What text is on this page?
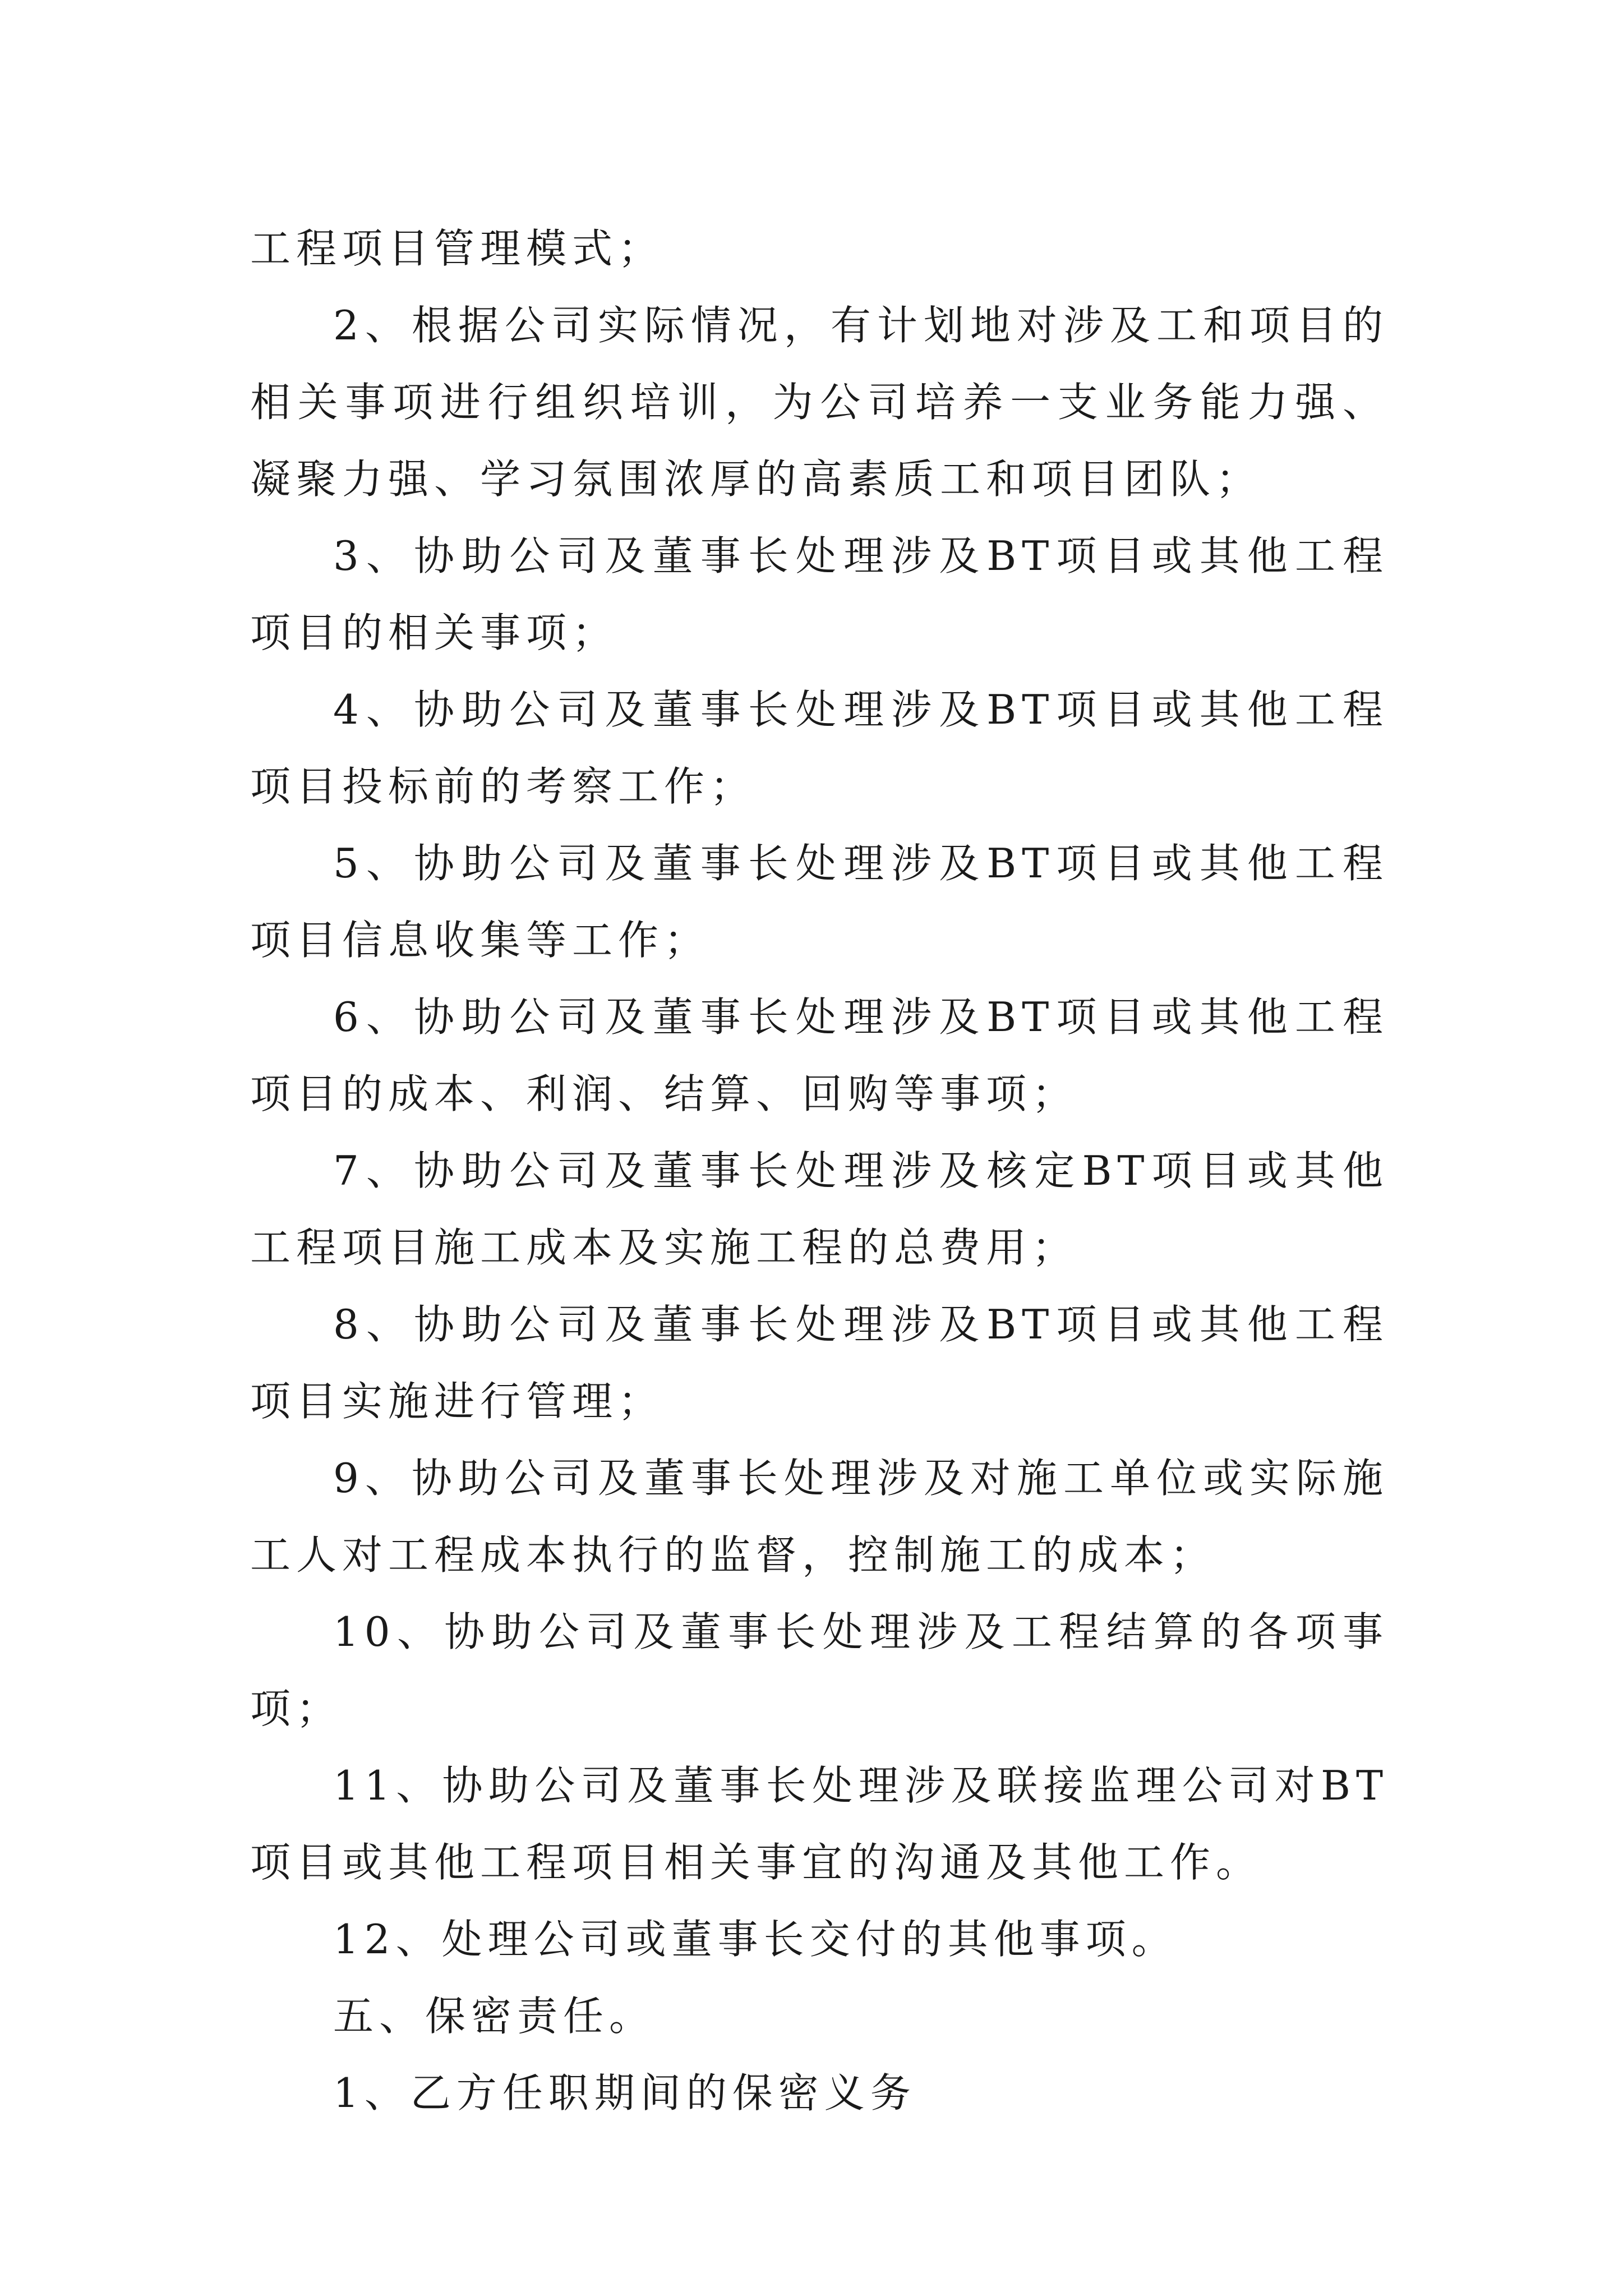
工程项目管理模式；

2、根据公司实际情况，有计划地对涉及工和项目的相关事项进行组织培训，为公司培养一支业务能力强、凝聚力强、学习氛围浓厚的高素质工和项目团队；

3、协助公司及董事长处理涉及BT项目或其他工程项目的相关事项；

4、协助公司及董事长处理涉及BT项目或其他工程项目投标前的考察工作；

5、协助公司及董事长处理涉及BT项目或其他工程项目信息收集等工作；

6、协助公司及董事长处理涉及BT项目或其他工程项目的成本、利润、结算、回购等事项；

7、协助公司及董事长处理涉及核定BT项目或其他工程项目施工成本及实施工程的总费用；

8、协助公司及董事长处理涉及BT项目或其他工程项目实施进行管理；

9、协助公司及董事长处理涉及对施工单位或实际施工人对工程成本执行的监督，控制施工的成本；

10、协助公司及董事长处理涉及工程结算的各项事项；

11、协助公司及董事长处理涉及联接监理公司对BT项目或其他工程项目相关事宜的沟通及其他工作。

12、处理公司或董事长交付的其他事项。

五、保密责任。

1、乙方任职期间的保密义务
